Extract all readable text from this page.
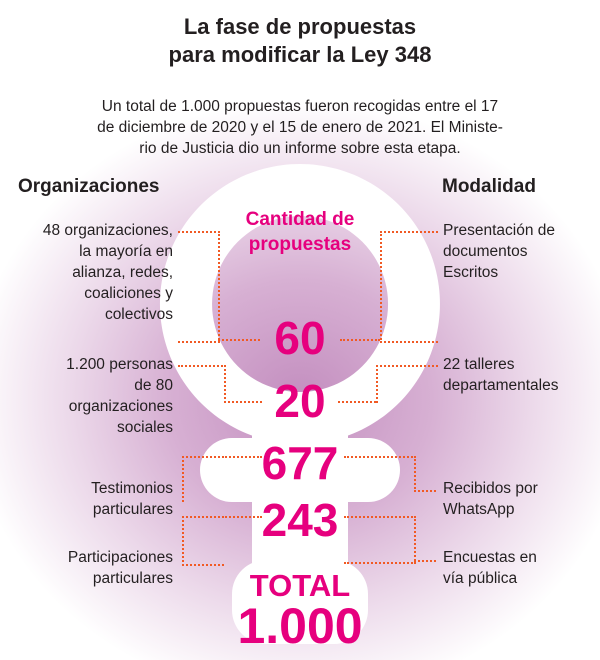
La fase de propuestas
para modificar la Ley 348
Un total de 1.000 propuestas fueron recogidas entre el 17
de diciembre de 2020 y el 15 de enero de 2021. El Ministe-
rio de Justicia dio un informe sobre esta etapa.
Organizaciones	Modalidad
Cantidad de
propuestas
48 organizaciones,
la mayoría en
alianza, redes,
coaliciones y
colectivos
Presentación de
documentos
Escritos
60
1.200 personas
de 80
organizaciones
sociales
22 talleres
departamentales
20
Testimonios
particulares
Recibidos por
WhatsApp
677
Participaciones
particulares
Encuestas en
vía pública
243
TOTAL
1.000
